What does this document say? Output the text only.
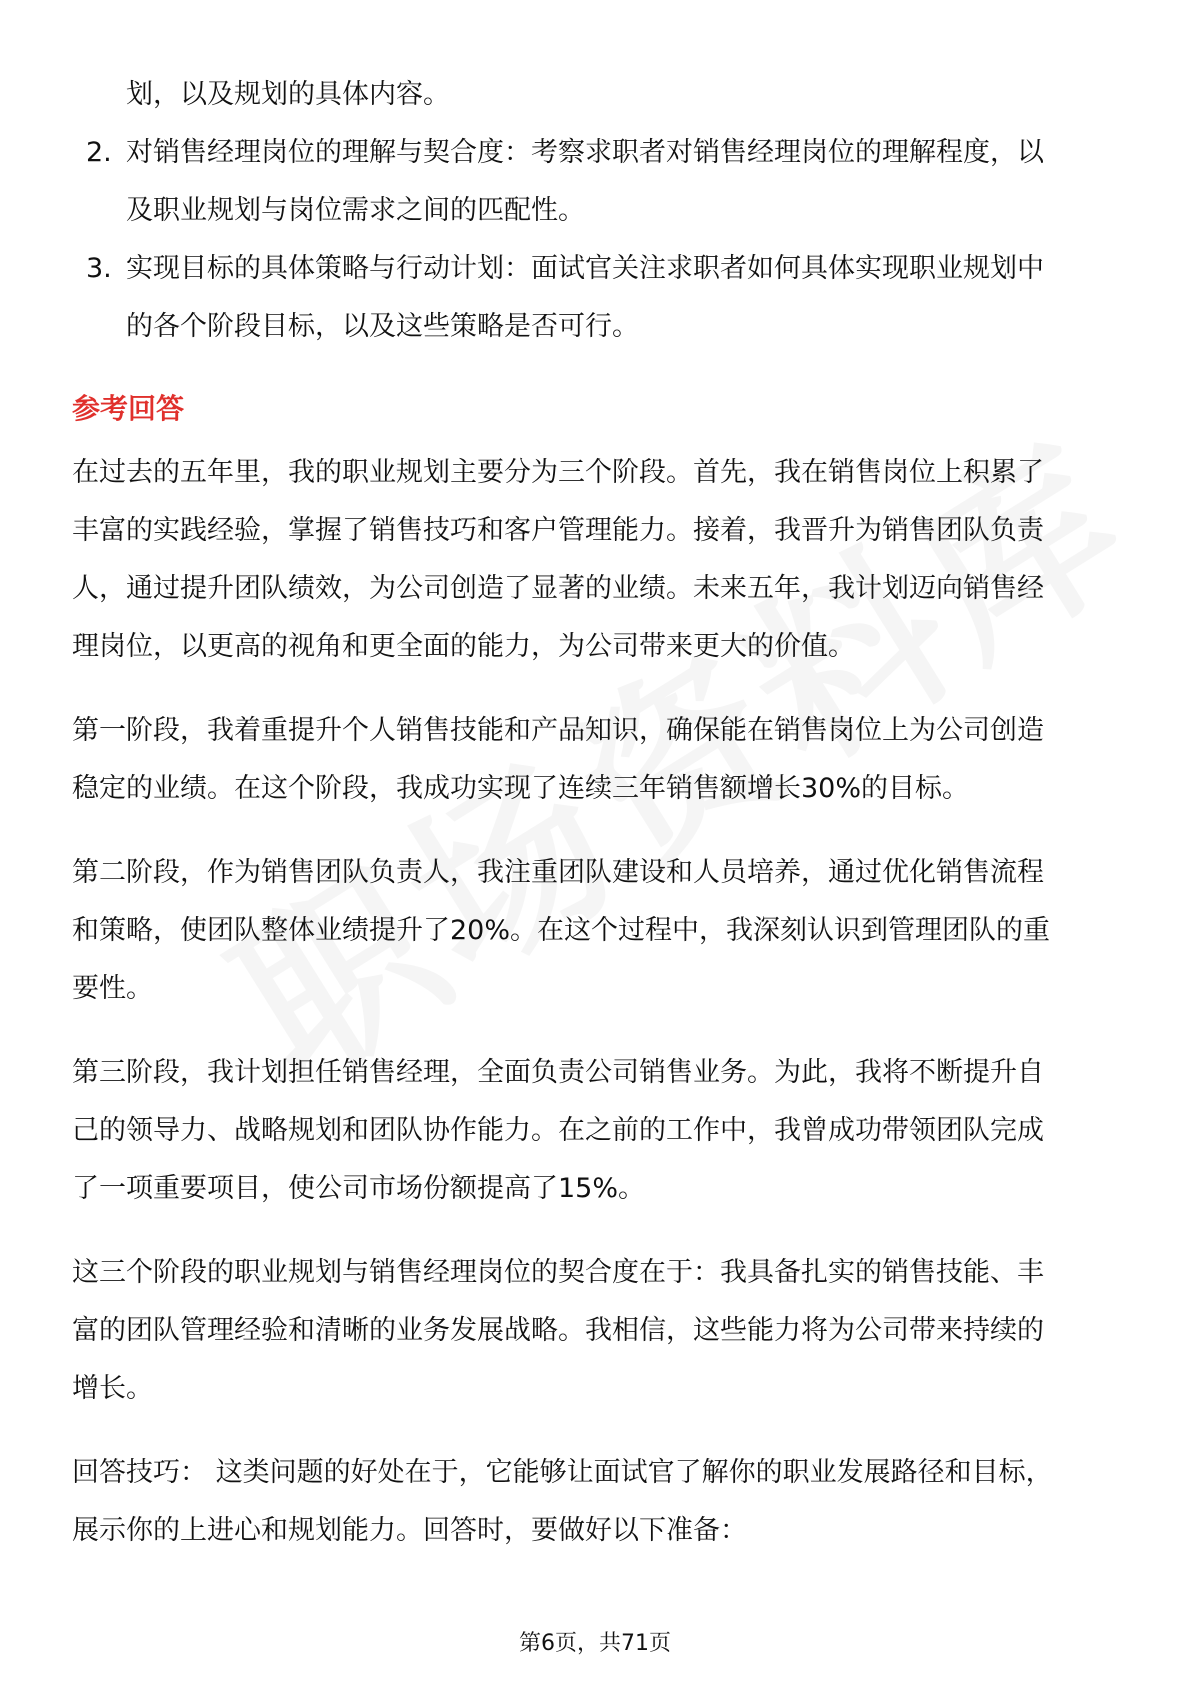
划，以及规划的具体内容。

2. 对销售经理岗位的理解与契合度：考察求职者对销售经理岗位的理解程度，以

及职业规划与岗位需求之间的匹配性。

3. 实现目标的具体策略与行动计划：面试官关注求职者如何具体实现职业规划中

的各个阶段目标，以及这些策略是否可行。

参考回答

在过去的五年里，我的职业规划主要分为三个阶段。首先，我在销售岗位上积累了

丰富的实践经验，掌握了销售技巧和客户管理能力。接着，我晋升为销售团队负责

人，通过提升团队绩效，为公司创造了显著的业绩。未来五年，我计划迈向销售经

理岗位，以更高的视角和更全面的能力，为公司带来更大的价值。

第一阶段，我着重提升个人销售技能和产品知识，确保能在销售岗位上为公司创造

稳定的业绩。在这个阶段，我成功实现了连续三年销售额增长30%的目标。

第二阶段，作为销售团队负责人，我注重团队建设和人员培养，通过优化销售流程

和策略，使团队整体业绩提升了20%。在这个过程中，我深刻认识到管理团队的重

要性。

第三阶段，我计划担任销售经理，全面负责公司销售业务。为此，我将不断提升自

己的领导力、战略规划和团队协作能力。在之前的工作中，我曾成功带领团队完成

了一项重要项目，使公司市场份额提高了15%。

这三个阶段的职业规划与销售经理岗位的契合度在于：我具备扎实的销售技能、丰

富的团队管理经验和清晰的业务发展战略。我相信，这些能力将为公司带来持续的

增长。

回答技巧： 这类问题的好处在于，它能够让面试官了解你的职业发展路径和目标，

展示你的上进心和规划能力。回答时，要做好以下准备：

第6页，共71页
